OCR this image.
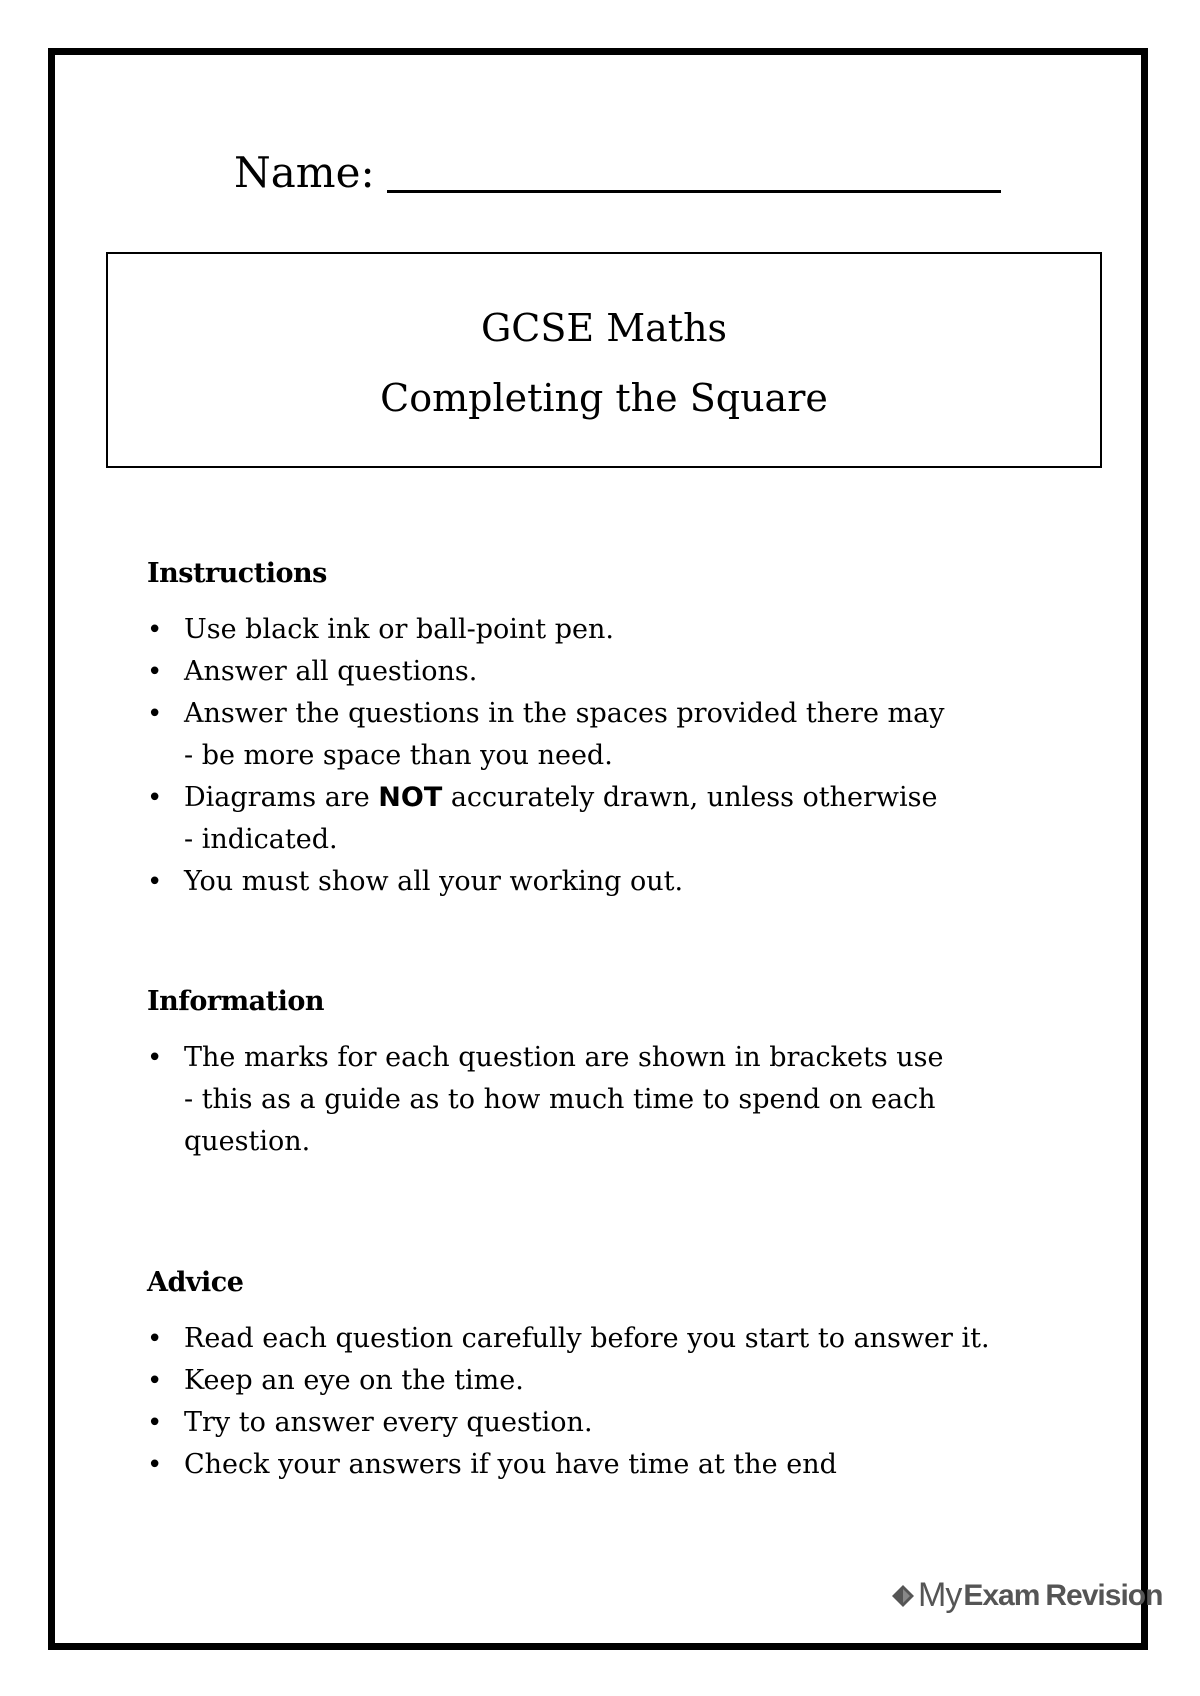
Name:
GCSE Maths
Completing the Square
Instructions
• Use black ink or ball-point pen.
• Answer all questions.
• Answer the questions in the spaces provided there may
- be more space than you need.
• Diagrams are NOT accurately drawn, unless otherwise
- indicated.
• You must show all your working out.
Information
• The marks for each question are shown in brackets use
- this as a guide as to how much time to spend on each
question.
Advice
• Read each question carefully before you start to answer it.
• Keep an eye on the time.
• Try to answer every question.
• Check your answers if you have time at the end
My Exam Revision
